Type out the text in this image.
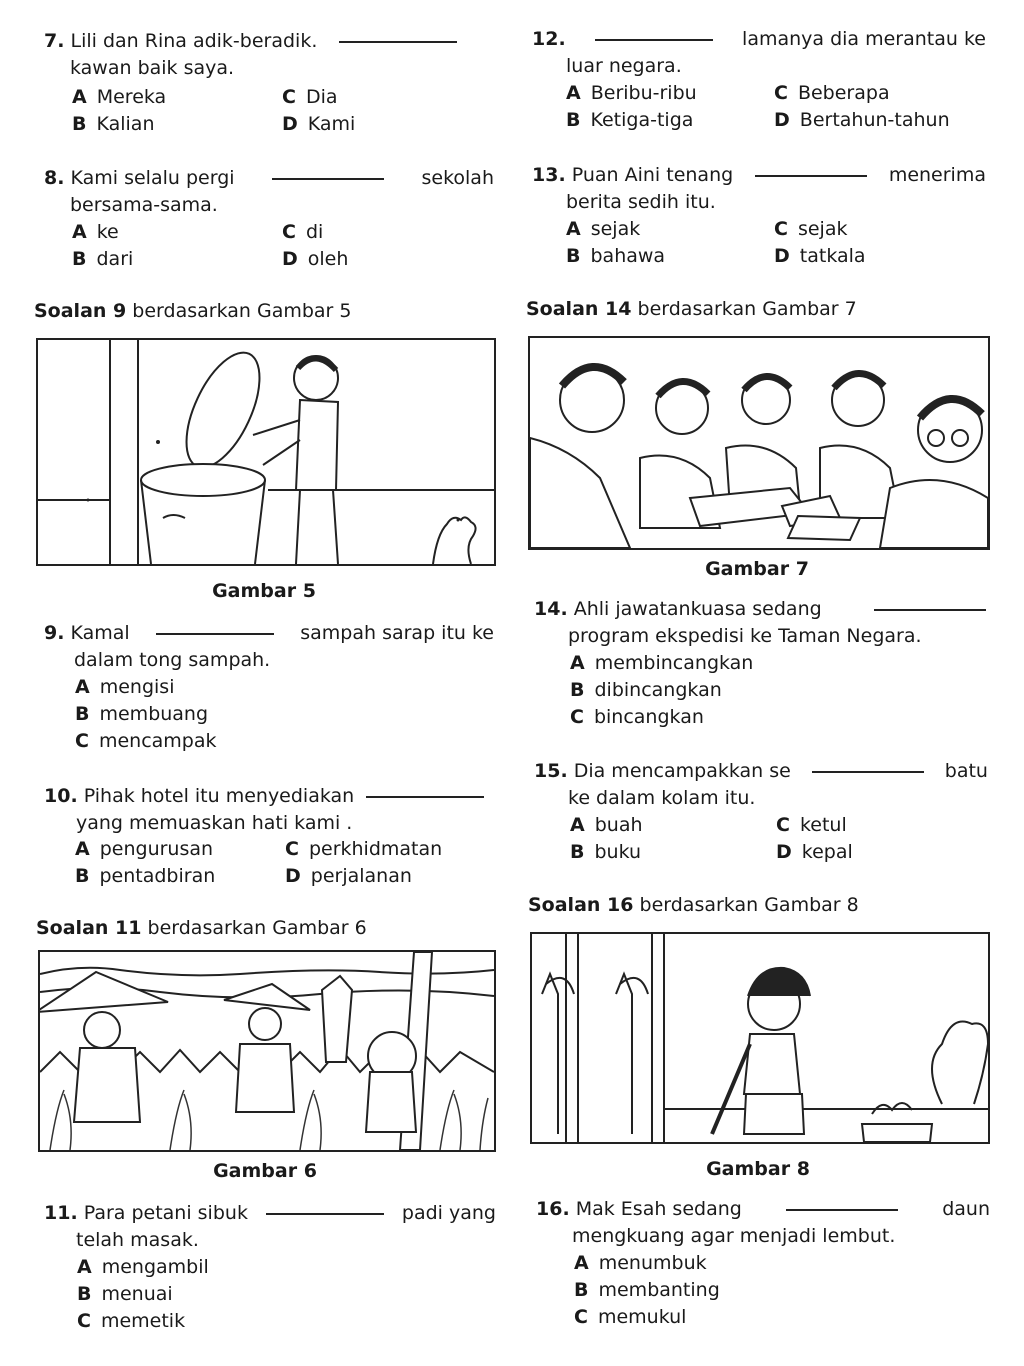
7. Lili dan Rina adik-beradik.
kawan baik saya.
A Mereka
B Kalian
C Dia
D Kami
8. Kami selalu pergi	sekolah
bersama-sama.
A ke
B dari
C di
D oleh
Soalan 9 berdasarkan Gambar 5
Gambar 5
9. Kamal	sampah sarap itu ke
dalam tong sampah.
A mengisi
B membuang
C mencampak
10. Pihak hotel itu menyediakan
yang memuaskan hati kami .
A pengurusan
B pentadbiran
C perkhidmatan
D perjalanan
Soalan 11 berdasarkan Gambar 6
Gambar 6
11. Para petani sibuk	padi yang
telah masak.
A mengambil
B menuai
C memetik
12.	lamanya dia merantau ke
luar negara.
A Beribu-ribu
B Ketiga-tiga
C Beberapa
D Bertahun-tahun
13. Puan Aini tenang	menerima
berita sedih itu.
A sejak
B bahawa
C sejak
D tatkala
Soalan 14 berdasarkan Gambar 7
Gambar 7
14. Ahli jawatankuasa sedang
program ekspedisi ke Taman Negara.
A membincangkan
B dibincangkan
C bincangkan
15. Dia mencampakkan se	batu
ke dalam kolam itu.
A buah
B buku
C ketul
D kepal
Soalan 16 berdasarkan Gambar 8
Gambar 8
16. Mak Esah sedang	daun
mengkuang agar menjadi lembut.
A menumbuk
B membanting
C memukul
